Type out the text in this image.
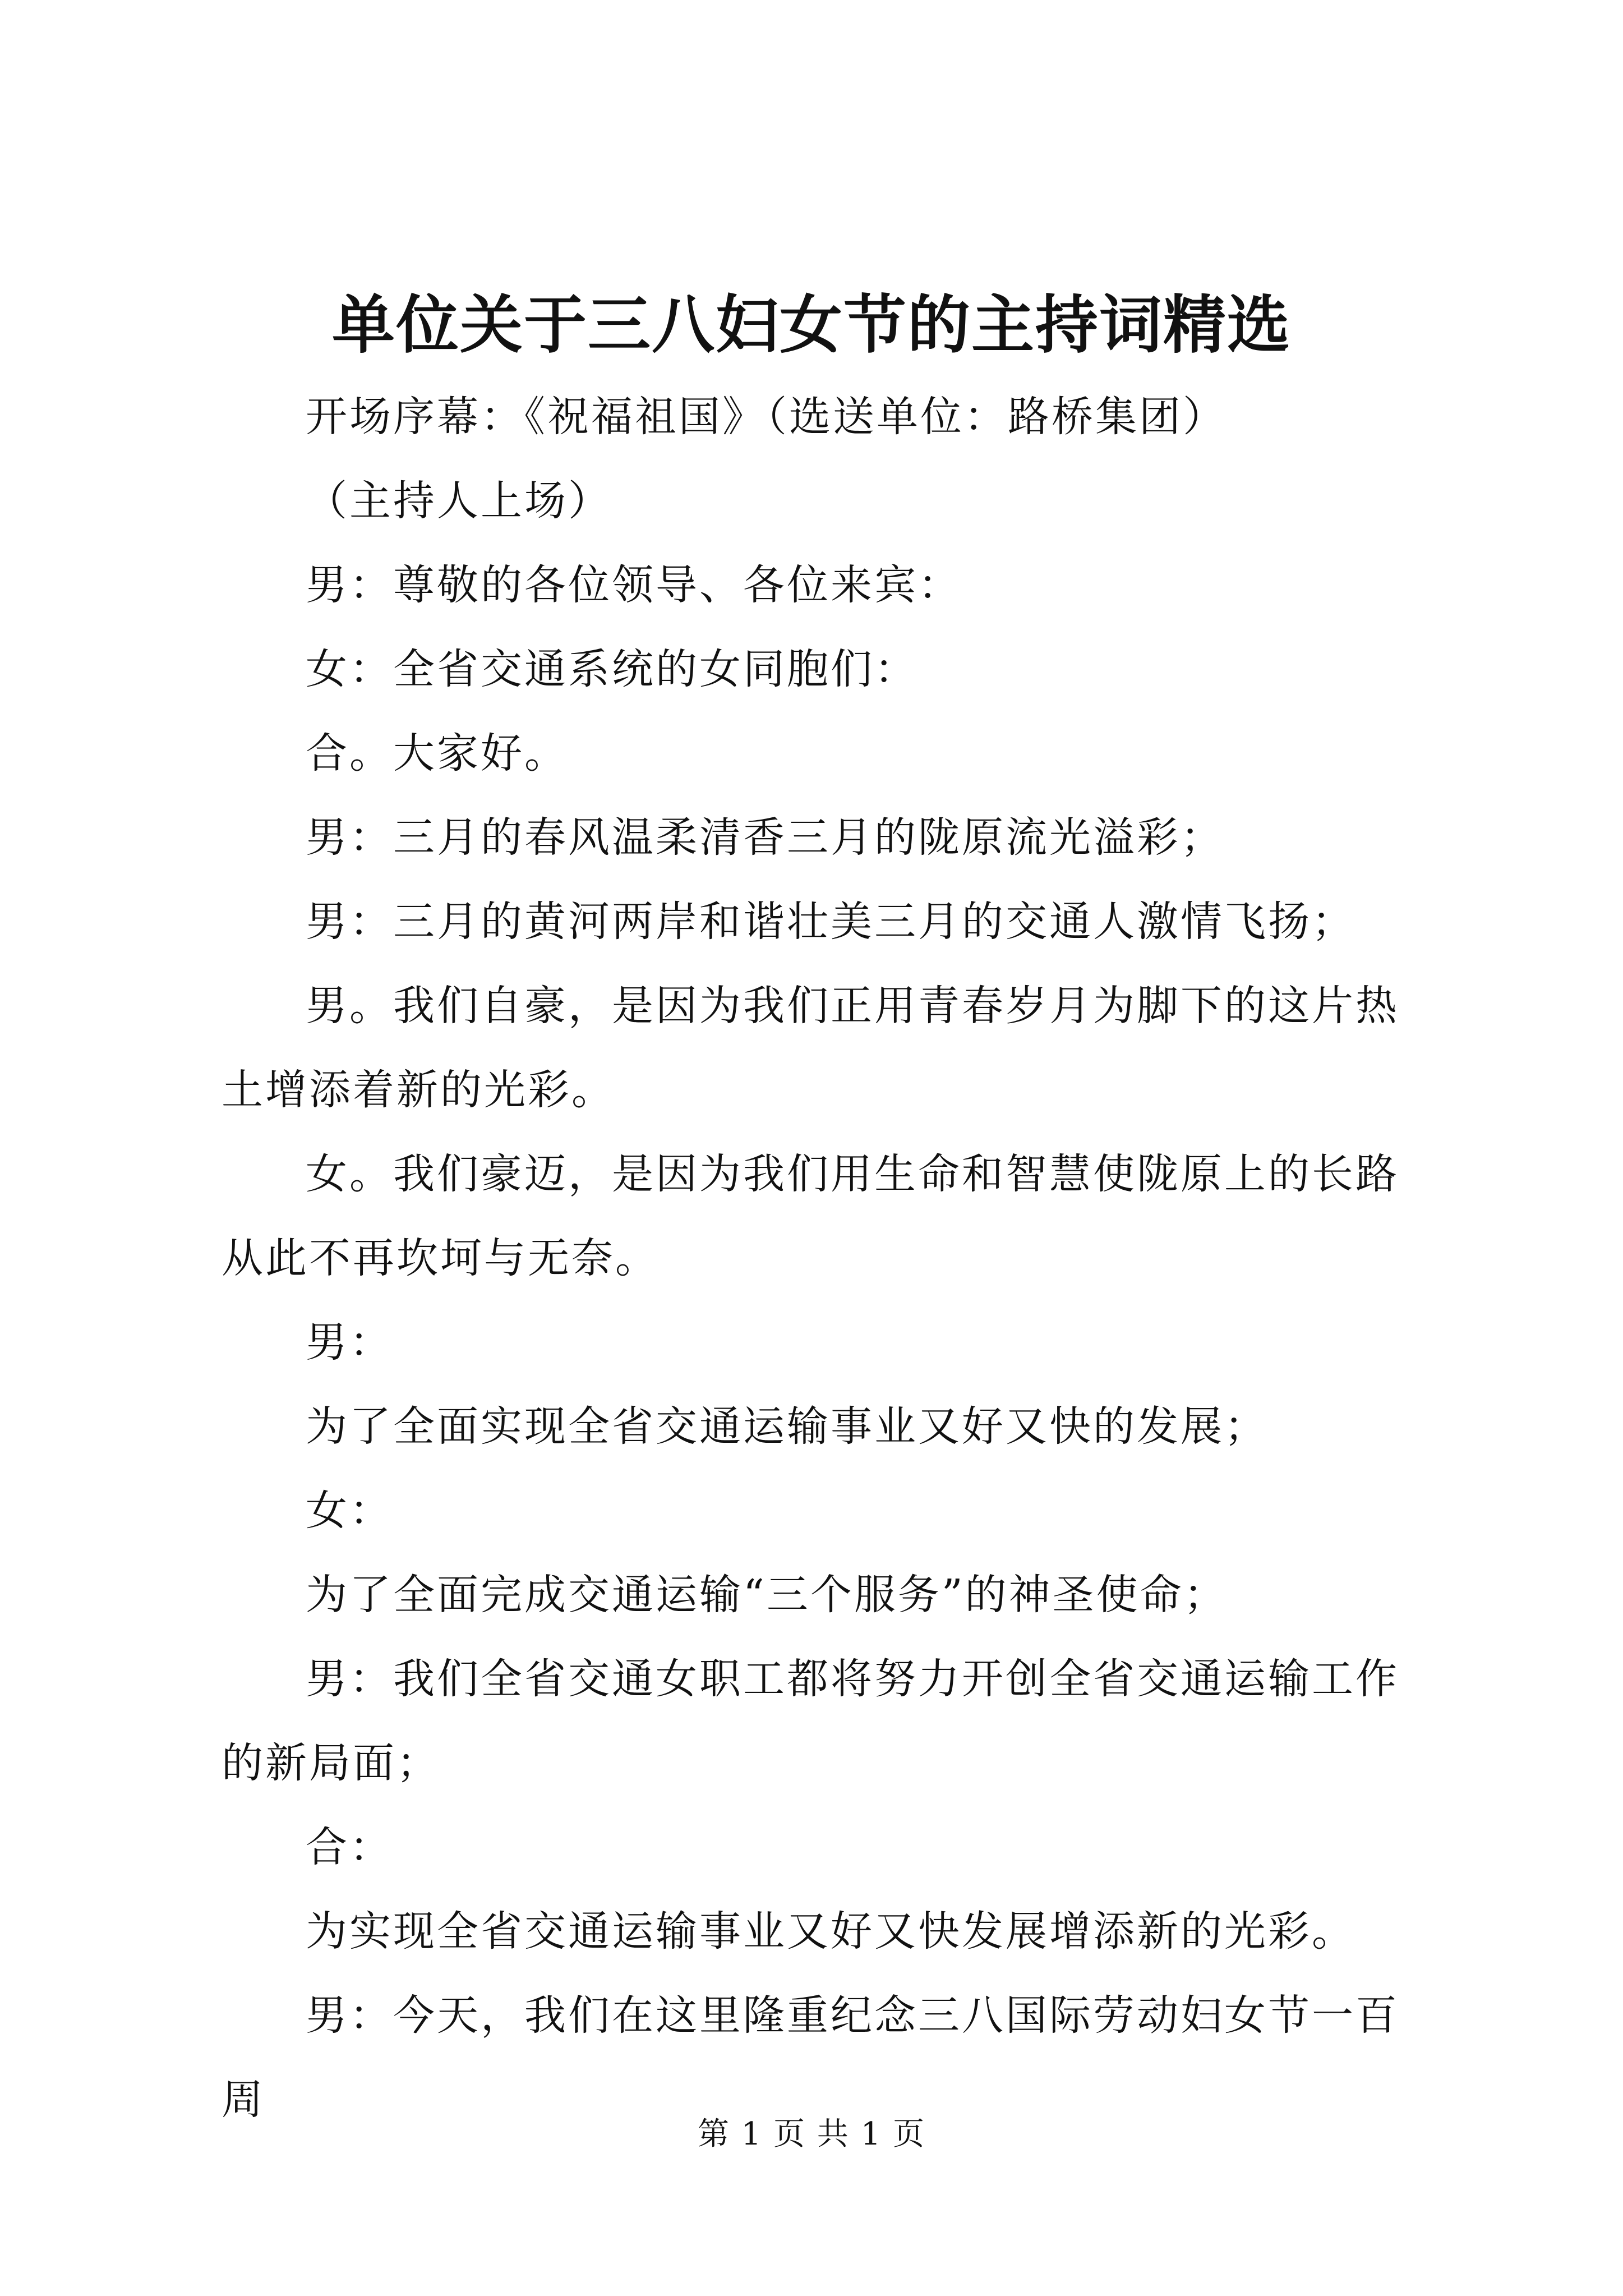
单位关于三八妇女节的主持词精选

开场序幕：《祝福祖国》（选送单位：路桥集团）

（主持人上场）

男：尊敬的各位领导、各位来宾：

女：全省交通系统的女同胞们：

合。大家好。

男：三月的春风温柔清香三月的陇原流光溢彩；

男：三月的黄河两岸和谐壮美三月的交通人激情飞扬；

男。我们自豪，是因为我们正用青春岁月为脚下的这片热土增添着新的光彩。

女。我们豪迈，是因为我们用生命和智慧使陇原上的长路从此不再坎坷与无奈。

男：

为了全面实现全省交通运输事业又好又快的发展；

女：

为了全面完成交通运输“三个服务”的神圣使命；

男：我们全省交通女职工都将努力开创全省交通运输工作的新局面；

合：

为实现全省交通运输事业又好又快发展增添新的光彩。

男：今天，我们在这里隆重纪念三八国际劳动妇女节一百周

第 1 页 共 1 页
